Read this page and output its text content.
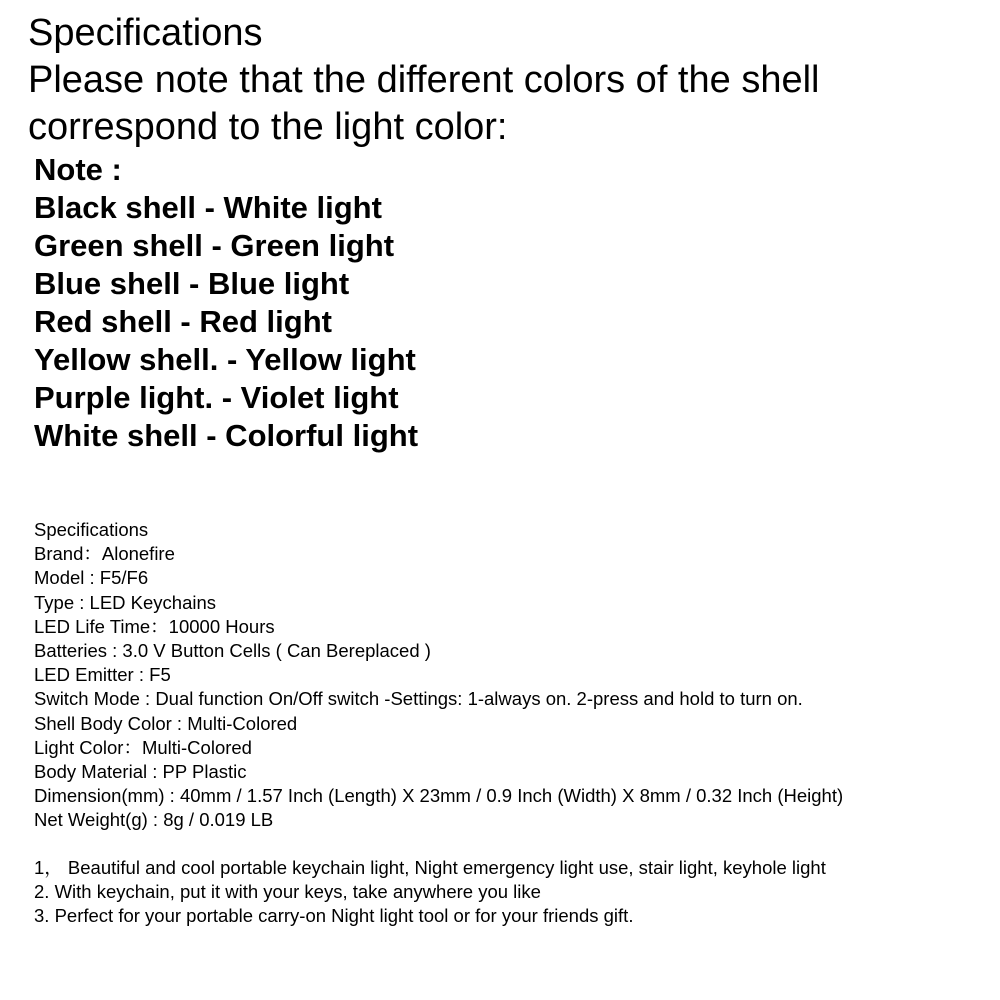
Specifications
Please note that the different colors of the shell
correspond to the light color:
Note :
Black shell - White light
Green shell - Green light
Blue shell - Blue light
Red shell - Red light
Yellow shell. - Yellow light
Purple light. - Violet light
White shell - Colorful light
Specifications
Brand：Alonefire
Model : F5/F6
Type : LED Keychains
LED Life Time：10000 Hours
Batteries : 3.0 V Button Cells ( Can Bereplaced )
LED Emitter : F5
Switch Mode : Dual function On/Off switch -Settings: 1-always on. 2-press and hold to turn on.
Shell Body Color : Multi-Colored
Light Color：Multi-Colored
Body Material : PP Plastic
Dimension(mm) : 40mm / 1.57 Inch (Length) X 23mm / 0.9 Inch (Width) X 8mm / 0.32 Inch (Height)
Net Weight(g) : 8g / 0.019 LB
1， Beautiful and cool portable keychain light, Night emergency light use, stair light, keyhole light
2. With keychain, put it with your keys, take anywhere you like
3. Perfect for your portable carry-on Night light tool or for your friends gift.
